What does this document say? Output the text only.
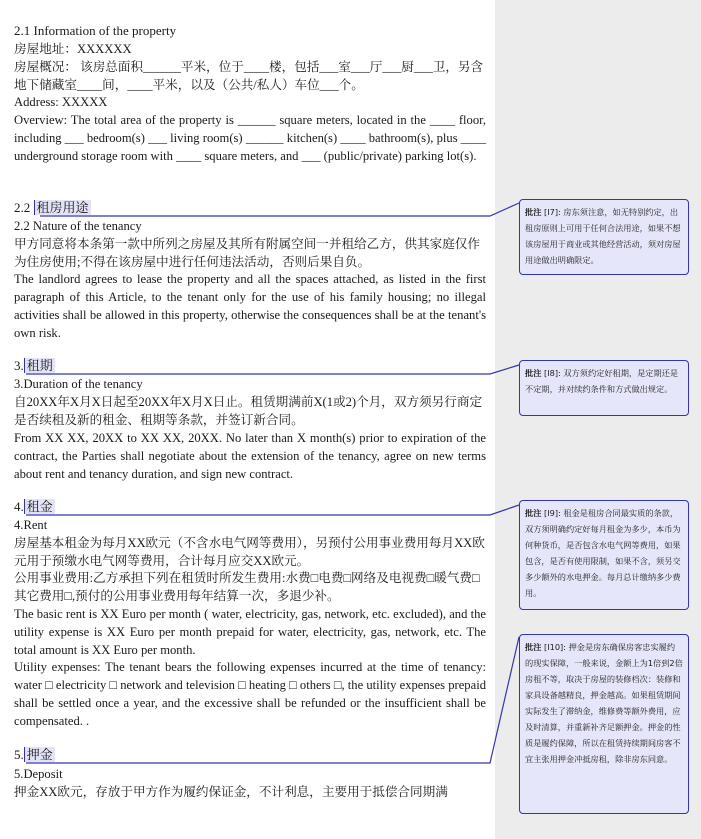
2.1 Information of the property

房屋地址：XXXXXX

房屋概况： 该房总面积______平米，位于____楼，包括___室___厅___厨___卫，另含地下储藏室____间，____平米，以及（公共/私人）车位___个。

Address: XXXXX

Overview: The total area of the property is ______ square meters, located in the ____ floor, including ___ bedroom(s) ___ living room(s) ______ kitchen(s) ____ bathroom(s), plus ____ underground storage room with ____ square meters, and ___ (public/private) parking lot(s).

2.2 租房用途

2.2 Nature of the tenancy

甲方同意将本条第一款中所列之房屋及其所有附属空间一并租给乙方，供其家庭仅作为住房使用;不得在该房屋中进行任何违法活动，否则后果自负。

The landlord agrees to lease the property and all the spaces attached, as listed in the first paragraph of this Article, to the tenant only for the use of his family housing; no illegal activities shall be allowed in this property, otherwise the consequences shall be at the tenant's own risk.

3. 租期

3.Duration of the tenancy

自20XX年X月X日起至20XX年X月X日止。租赁期满前X(1或2)个月，双方须另行商定是否续租及新的租金、租期等条款，并签订新合同。

From XX XX, 20XX to XX XX, 20XX. No later than X month(s) prior to expiration of the contract, the Parties shall negotiate about the extension of the tenancy, agree on new terms about rent and tenancy duration, and sign new contract.

4. 租金

4.Rent

房屋基本租金为每月XX欧元（不含水电气网等费用），另预付公用事业费用每月XX欧元用于预缴水电气网等费用，合计每月应交XX欧元。

公用事业费用:乙方承担下列在租赁时所发生费用:水费□电费□网络及电视费□暖气费□其它费用□,预付的公用事业费用每年结算一次，多退少补。

The basic rent is XX Euro per month ( water, electricity, gas, network, etc. excluded), and the utility expense is XX Euro per month prepaid for water, electricity, gas, network, etc. The total amount is XX Euro per month.

Utility expenses: The tenant bears the following expenses incurred at the time of tenancy: water □ electricity □ network and television □ heating □ others □, the utility expenses prepaid shall be settled once a year, and the excessive shall be refunded or the insufficient shall be compensated. .

5. 押金

5.Deposit

押金XX欧元，存放于甲方作为履约保证金，不计利息，主要用于抵偿合同期满

批注 [I7]: 房东须注意，如无特别约定，出租房原则上可用于任何合法用途，如果不想该房屋用于商业或其他经营活动，须对房屋用途做出明确限定。
批注 [I8]: 双方须约定好租期，是定期还是不定期，并对续约条件和方式做出规定。
批注 [I9]: 租金是租房合同最实质的条款，双方须明确约定好每月租金为多少，本币为何种货币，是否包含水电气网等费用，如果包含，是否有使用限制，如果不含，须另交多少额外的水电押金。每月总计缴纳多少费用。
批注 [I10]: 押金是房东确保房客忠实履约的现实保障，一般来说，金额上为1倍到2倍房租不等，取决于房屋的装修档次：装修和家具设备越精良，押金越高。如果租赁期间实际发生了滞纳金，维修费等额外费用，应及时清算，并重新补齐足额押金。押金的性质是履约保障，所以在租赁持续期间房客不宜主张用押金冲抵房租，除非房东同意。
